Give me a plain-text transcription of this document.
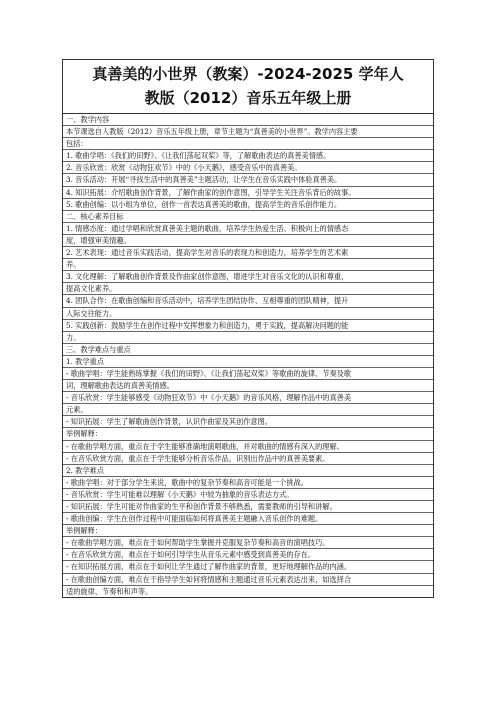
真善美的小世界（教案）-2024-2025 学年人
教版（2012）音乐五年级上册
一、教学内容
本节课选自人教版（2012）音乐五年级上册，章节主题为“真善美的小世界”。教学内容主要
包括：
1. 歌曲学唱：《我们的田野》、《让我们荡起双桨》等，了解歌曲表达的真善美情感。
2. 音乐欣赏：欣赏《动物狂欢节》中的《小天鹅》，感受音乐中的真善美。
3. 音乐活动：开展“寻找生活中的真善美”主题活动，让学生在音乐实践中体验真善美。
4. 知识拓展：介绍歌曲创作背景，了解作曲家的创作意图，引导学生关注音乐背后的故事。
5. 歌曲创编：以小组为单位，创作一首表达真善美的歌曲，提高学生的音乐创作能力。
二、核心素养目标
1. 情感态度：通过学唱和欣赏真善美主题的歌曲，培养学生热爱生活、积极向上的情感态
度，增强审美情趣。
2. 艺术表现：通过音乐实践活动，提高学生对音乐的表现力和创造力，培养学生的艺术素
养。
3. 文化理解：了解歌曲创作背景及作曲家创作意图，增进学生对音乐文化的认识和尊重，
提高文化素养。
4. 团队合作：在歌曲创编和音乐活动中，培养学生团结协作、互相尊重的团队精神，提升
人际交往能力。
5. 实践创新：鼓励学生在创作过程中发挥想象力和创造力，勇于实践，提高解决问题的能
力。
三、教学难点与重点
1. 教学重点
- 歌曲学唱：学生能熟练掌握《我们的田野》、《让我们荡起双桨》等歌曲的旋律、节奏及歌
词，理解歌曲表达的真善美情感。
- 音乐欣赏：学生能够感受《动物狂欢节》中《小天鹅》的音乐风格，理解作品中的真善美
元素。
- 知识拓展：学生了解歌曲创作背景，认识作曲家及其创作意图。
举例解释：
- 在歌曲学唱方面，重点在于学生能够准确地演唱歌曲，并对歌曲的情感有深入的理解。
- 在音乐欣赏方面，重点在于学生能够分析音乐作品，识别出作品中的真善美要素。
2. 教学难点
- 歌曲学唱：对于部分学生来说，歌曲中的复杂节奏和高音可能是一个挑战。
- 音乐欣赏：学生可能难以理解《小天鹅》中较为抽象的音乐表达方式。
- 知识拓展：学生可能对作曲家的生平和创作背景不够熟悉，需要教师的引导和讲解。
- 歌曲创编：学生在创作过程中可能面临如何将真善美主题融入音乐创作的难题。
举例解释：
- 在歌曲学唱方面，难点在于如何帮助学生掌握并克服复杂节奏和高音的演唱技巧。
- 在音乐欣赏方面，难点在于如何引导学生从音乐元素中感受到真善美的存在。
- 在知识拓展方面，难点在于如何让学生通过了解作曲家的背景，更好地理解作品的内涵。
- 在歌曲创编方面，难点在于指导学生如何将情感和主题通过音乐元素表达出来，如选择合
适的旋律、节奏和和声等。
